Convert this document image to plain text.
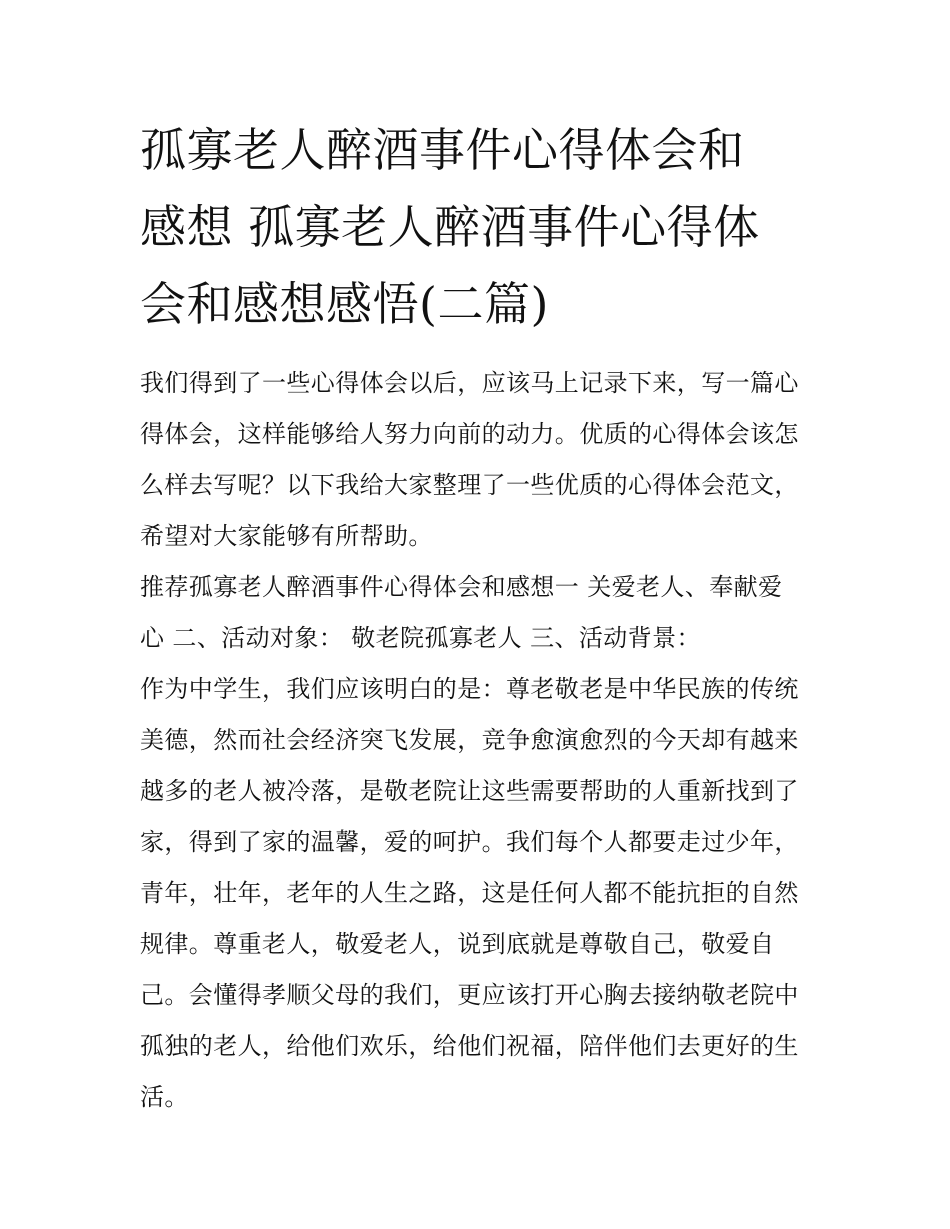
孤寡老人醉酒事件心得体会和
感想 孤寡老人醉酒事件心得体
会和感想感悟(二篇)
我们得到了一些心得体会以后，应该马上记录下来，写一篇心
得体会，这样能够给人努力向前的动力。优质的心得体会该怎
么样去写呢？以下我给大家整理了一些优质的心得体会范文，
希望对大家能够有所帮助。
推荐孤寡老人醉酒事件心得体会和感想一 关爱老人、奉献爱
心 二、活动对象： 敬老院孤寡老人 三、活动背景：
作为中学生，我们应该明白的是：尊老敬老是中华民族的传统
美德，然而社会经济突飞发展，竞争愈演愈烈的今天却有越来
越多的老人被冷落，是敬老院让这些需要帮助的人重新找到了
家，得到了家的温馨，爱的呵护。我们每个人都要走过少年，
青年，壮年，老年的人生之路，这是任何人都不能抗拒的自然
规律。尊重老人，敬爱老人，说到底就是尊敬自己，敬爱自
己。会懂得孝顺父母的我们，更应该打开心胸去接纳敬老院中
孤独的老人，给他们欢乐，给他们祝福，陪伴他们去更好的生
活。
